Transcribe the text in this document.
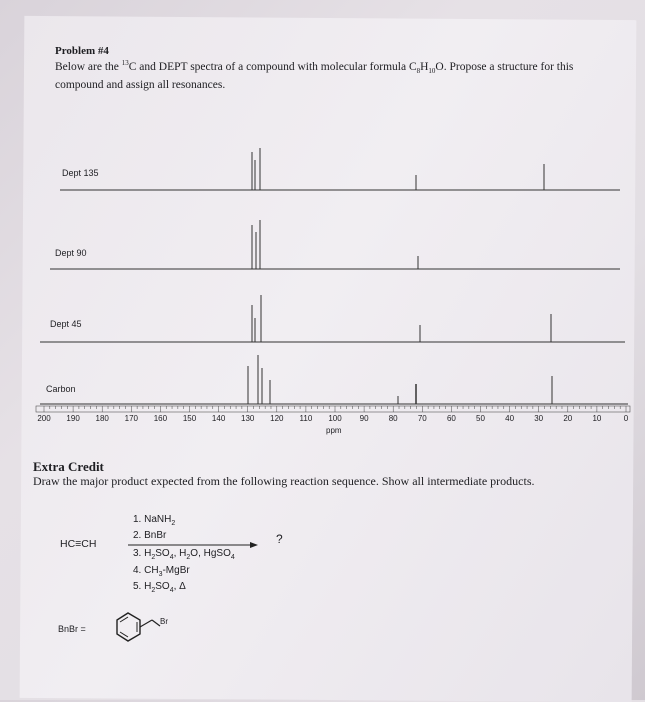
Problem #4
Below are the $^{13}$C and DEPT spectra of a compound with molecular formula $C_8H_{10}O$. Propose a structure for this compound and assign all resonances.
Dept 135
Dept 90
Dept 45
Carbon
200 190 180 170 160 150 140 130 120 110 100 90	80	70	60	50	40	30	20	10	0
ppm
Extra Credit
Draw the major product expected from the following reaction sequence. Show all intermediate products.
HC≡CH
1. NaNH$_2$
2. BnBr
3. $H_2SO_4$, $H_2O$, HgSO$_4$
4. $CH_3$-MgBr
5. $H_2SO_4$, Δ
?
BnBr =
Br
